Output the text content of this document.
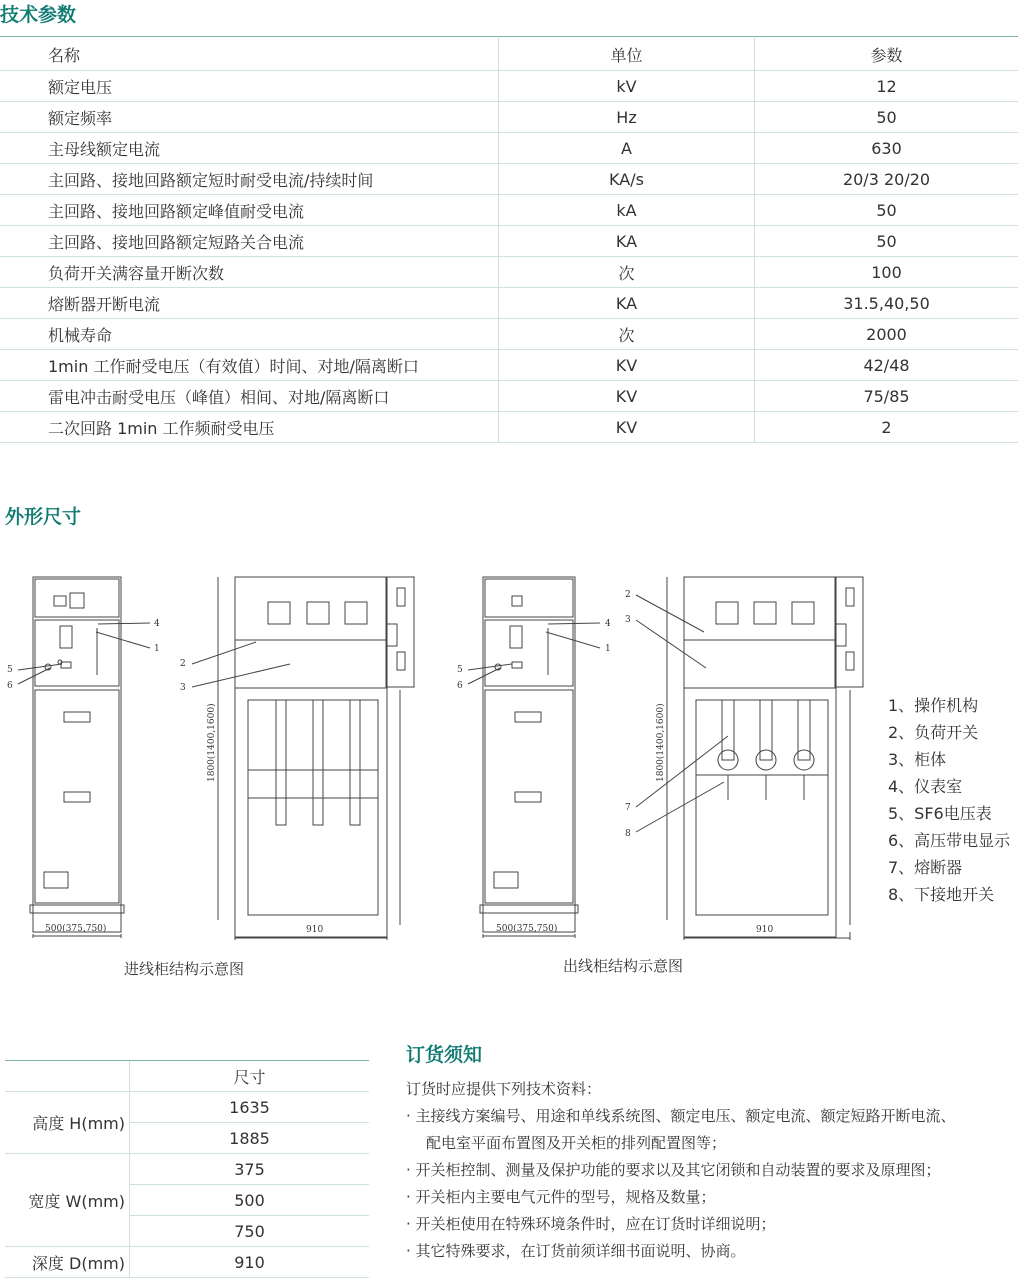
技术参数
名称	单位	参数
额定电压	kV	12
额定频率	Hz	50
主母线额定电流	A	630
主回路、接地回路额定短时耐受电流/持续时间	KA/s	20/3 20/20
主回路、接地回路额定峰值耐受电流	kA	50
主回路、接地回路额定短路关合电流	KA	50
负荷开关满容量开断次数	次	100
熔断器开断电流	KA	31.5,40,50
机械寿命	次	2000
1min 工作耐受电压（有效值）时间、对地/隔离断口	KV	42/48
雷电冲击耐受电压（峰值）相间、对地/隔离断口	KV	75/85
二次回路 1min 工作频耐受电压	KV	2
外形尺寸
5
6
4
1
2
3
5
6
4
1
2
3
7
8
500(375,750)	910	500(375,750)	910
1800(1400,1600)	1800(1400,1600)
进线柜结构示意图	出线柜结构示意图
1、操作机构
2、负荷开关
3、柜体
4、仪表室
5、SF6电压表
6、高压带电显示
7、熔断器
8、下接地开关
	尺寸
高度 H(mm)	1635
	1885
宽度 W(mm)	375
	500
	750
深度 D(mm)	910
订货须知
订货时应提供下列技术资料：
· 主接线方案编号、用途和单线系统图、额定电压、额定电流、额定短路开断电流、
配电室平面布置图及开关柜的排列配置图等；
· 开关柜控制、测量及保护功能的要求以及其它闭锁和自动装置的要求及原理图；
· 开关柜内主要电气元件的型号，规格及数量；
· 开关柜使用在特殊环境条件时，应在订货时详细说明；
· 其它特殊要求，在订货前须详细书面说明、协商。
